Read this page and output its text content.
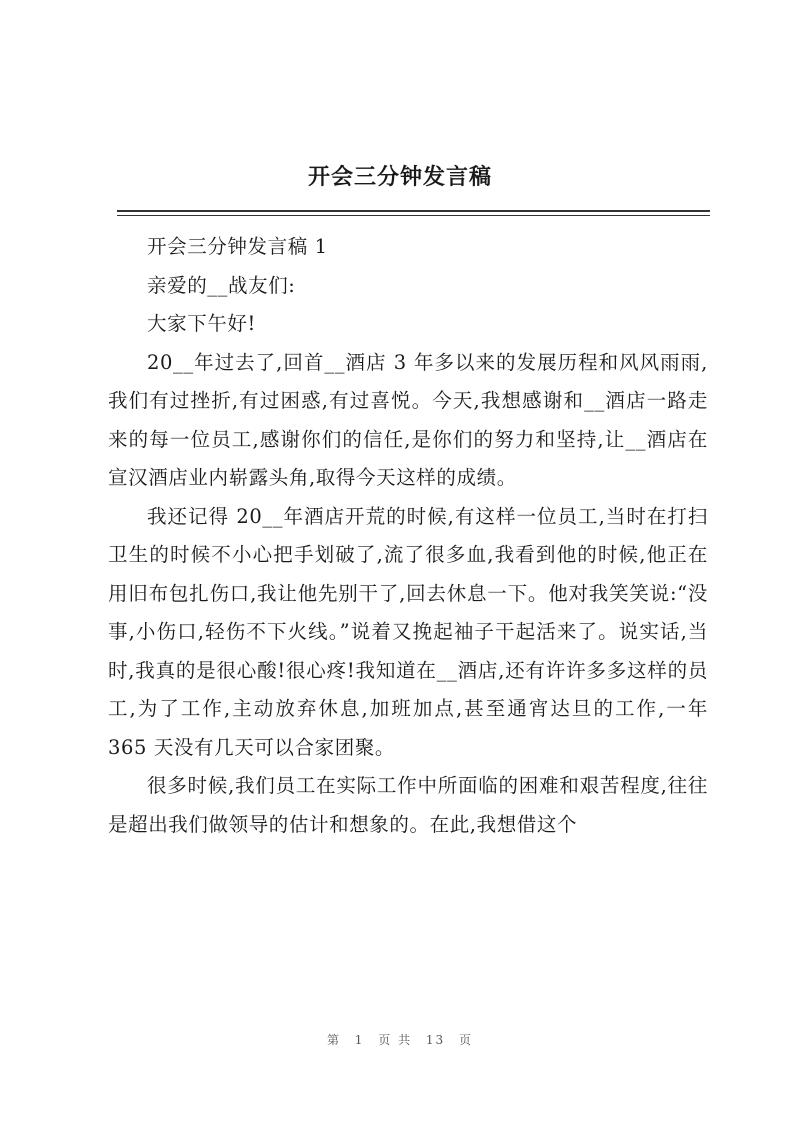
开会三分钟发言稿

开会三分钟发言稿 1

亲爱的__战友们:

大家下午好!

20__年过去了,回首__酒店 3 年多以来的发展历程和风风雨雨,我们有过挫折,有过困惑,有过喜悦。今天,我想感谢和__酒店一路走来的每一位员工,感谢你们的信任,是你们的努力和坚持,让__酒店在宣汉酒店业内崭露头角,取得今天这样的成绩。

我还记得 20__年酒店开荒的时候,有这样一位员工,当时在打扫卫生的时候不小心把手划破了,流了很多血,我看到他的时候,他正在用旧布包扎伤口,我让他先别干了,回去休息一下。他对我笑笑说:“没事,小伤口,轻伤不下火线。”说着又挽起袖子干起活来了。说实话,当时,我真的是很心酸!很心疼!我知道在__酒店,还有许许多多这样的员工,为了工作,主动放弃休息,加班加点,甚至通宵达旦的工作,一年 365 天没有几天可以合家团聚。

很多时候,我们员工在实际工作中所面临的困难和艰苦程度,往往是超出我们做领导的估计和想象的。在此,我想借这个

第 1 页 共 13 页
